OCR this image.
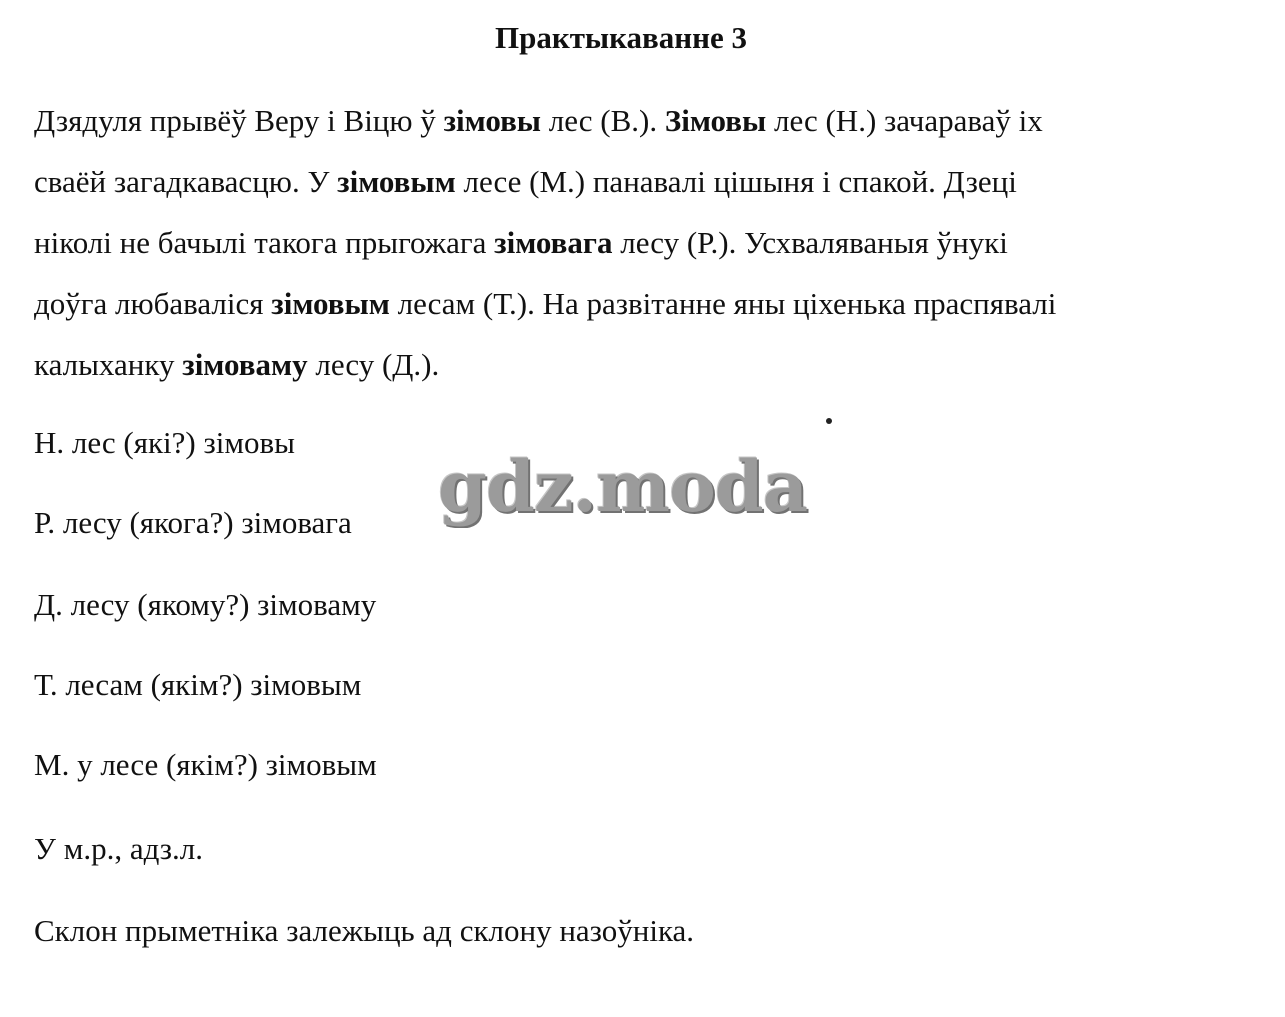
Практыкаванне 3
Дзядуля прывёў Веру і Віцю ў зімовы лес (В.). Зімовы лес (Н.) зачараваў іх
сваёй загадкавасцю. У зімовым лесе (М.) панавалі цішыня і спакой. Дзеці
ніколі не бачылі такога прыгожага зімовага лесу (Р.). Усхваляваныя ўнукі
доўга любаваліся зімовым лесам (Т.). На развітанне яны ціхенька праспявалі
калыханку зімоваму лесу (Д.).

Н. лес (які?) зімовы

Р. лесу (якога?) зімовага

Д. лесу (якому?) зімоваму

Т. лесам (якім?) зімовым

М. у лесе (якім?) зімовым

У м.р., адз.л.

Склон прыметніка залежыць ад склону назоўніка.

gdz.moda
